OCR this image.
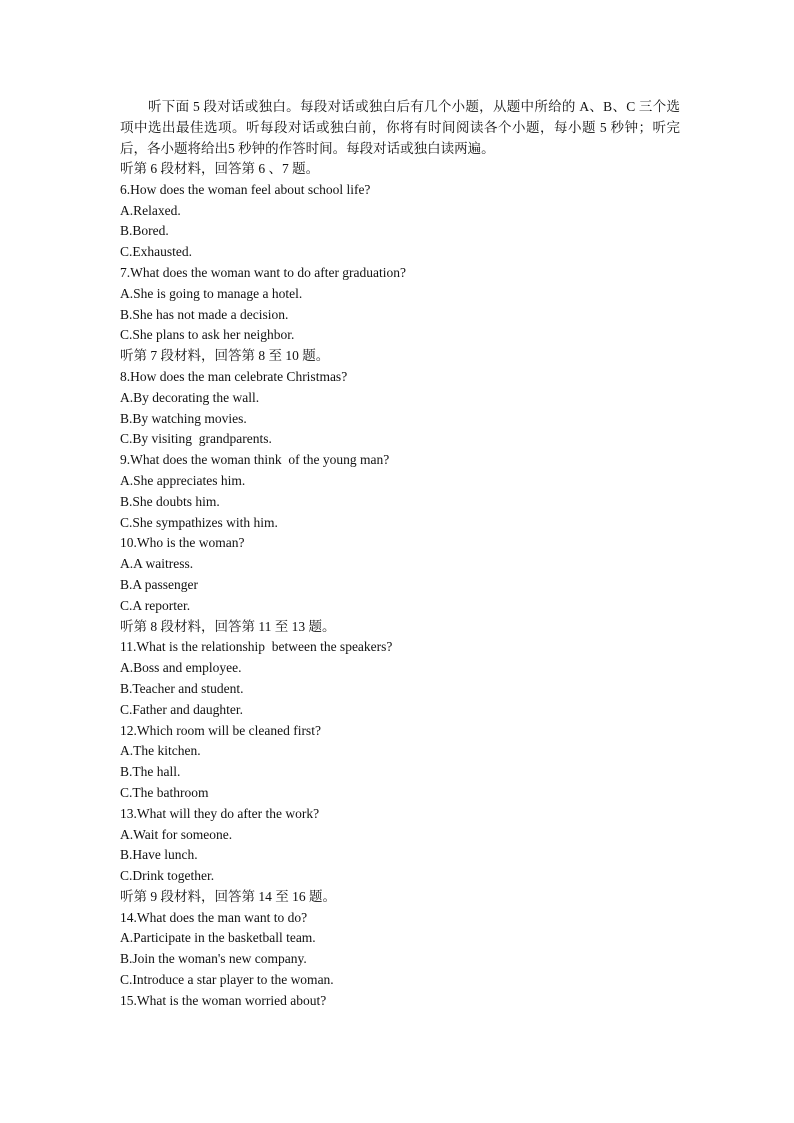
听下面 5 段对话或独白。每段对话或独白后有几个小题，从题中所给的 A、B、C 三个选项中选出最佳选项。听每段对话或独白前，你将有时间阅读各个小题，每小题 5 秒钟；听完后，各小题将给出5 秒钟的作答时间。每段对话或独白读两遍。

听第 6 段材料，回答第 6 、7 题。
6.How does the woman feel about school life?
A.Relaxed.
B.Bored.
C.Exhausted.
7.What does the woman want to do after graduation?
A.She is going to manage a hotel.
B.She has not made a decision.
C.She plans to ask her neighbor.
听第 7 段材料，回答第 8 至 10 题。
8.How does the man celebrate Christmas?
A.By decorating the wall.
B.By watching movies.
C.By visiting  grandparents.
9.What does the woman think  of the young man?
A.She appreciates him.
B.She doubts him.
C.She sympathizes with him.
10.Who is the woman?
A.A waitress.
B.A passenger
C.A reporter.
听第 8 段材料，回答第 11 至 13 题。
11.What is the relationship  between the speakers?
A.Boss and employee.
B.Teacher and student.
C.Father and daughter.
12.Which room will be cleaned first?
A.The kitchen.
B.The hall.
C.The bathroom
13.What will they do after the work?
A.Wait for someone.
B.Have lunch.
C.Drink together.
听第 9 段材料，回答第 14 至 16 题。
14.What does the man want to do?
A.Participate in the basketball team.
B.Join the woman's new company.
C.Introduce a star player to the woman.
15.What is the woman worried about?
